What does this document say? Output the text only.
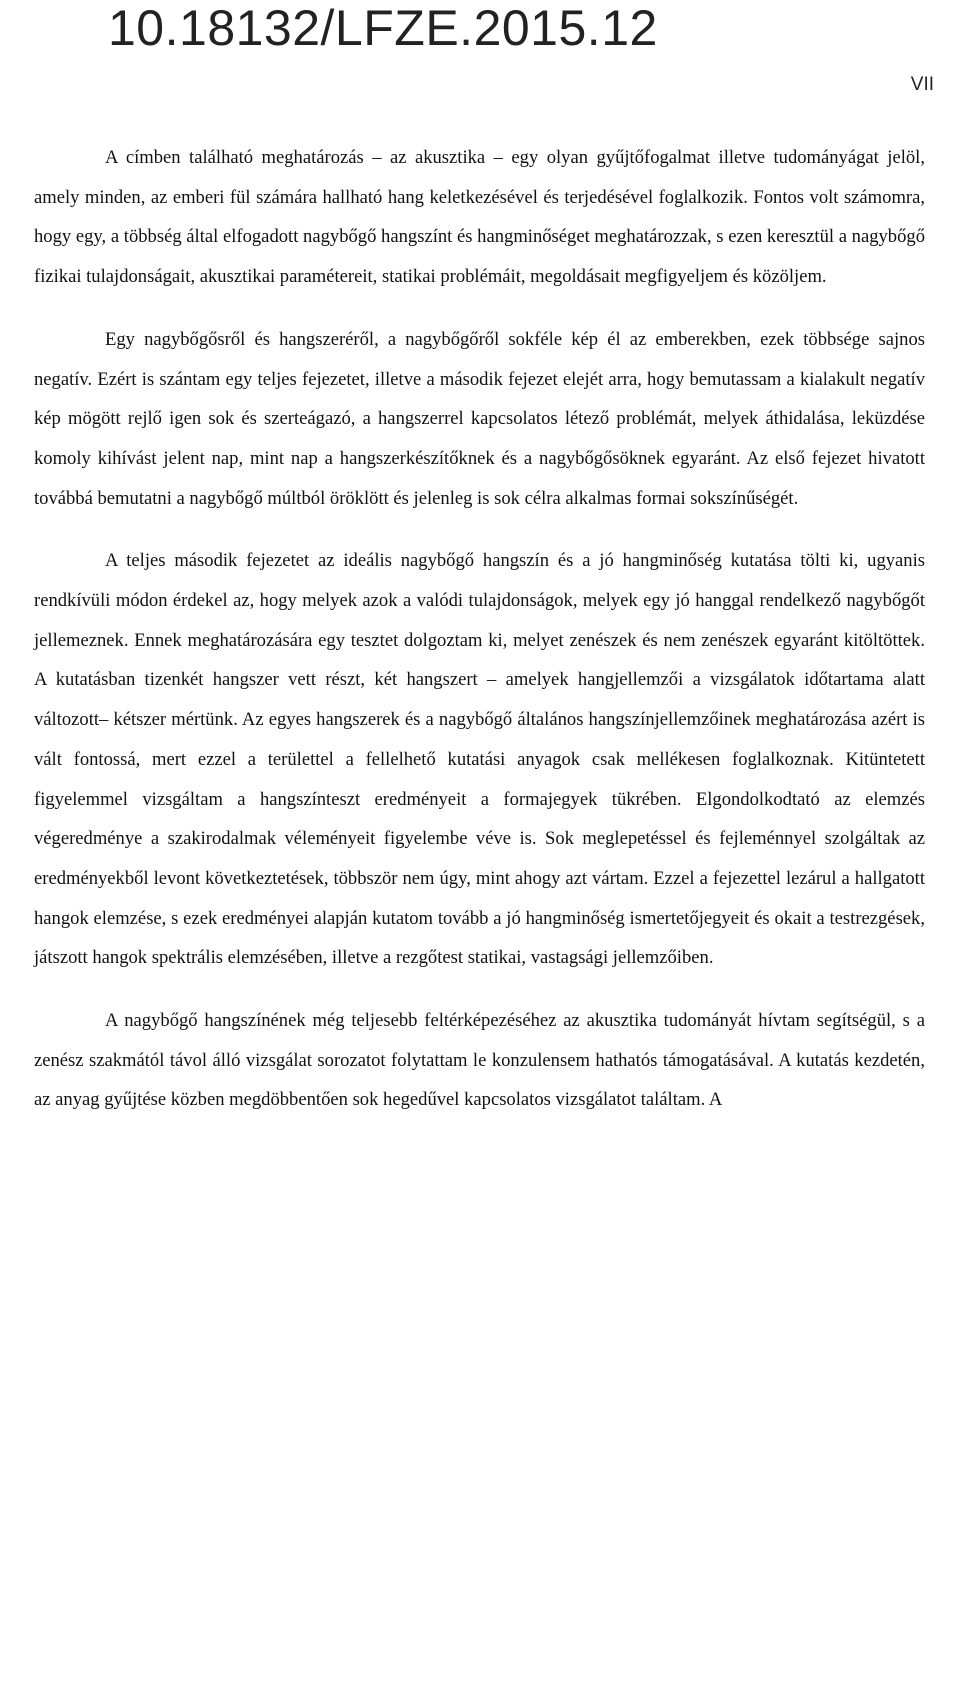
10.18132/LFZE.2015.12
VII

A címben található meghatározás – az akusztika – egy olyan gyűjtőfogalmat illetve tudományágat jelöl, amely minden, az emberi fül számára hallható hang keletkezésével és terjedésével foglalkozik. Fontos volt számomra, hogy egy, a többség által elfogadott nagybőgő hangszínt és hangminőséget meghatározzak, s ezen keresztül a nagybőgő fizikai tulajdonságait, akusztikai paramétereit, statikai problémáit, megoldásait megfigyeljem és közöljem.

Egy nagybőgősről és hangszeréről, a nagybőgőről sokféle kép él az emberekben, ezek többsége sajnos negatív. Ezért is szántam egy teljes fejezetet, illetve a második fejezet elejét arra, hogy bemutassam a kialakult negatív kép mögött rejlő igen sok és szerteágazó, a hangszerrel kapcsolatos létező problémát, melyek áthidalása, leküzdése komoly kihívást jelent nap, mint nap a hangszerkészítőknek és a nagybőgősöknek egyaránt. Az első fejezet hivatott továbbá bemutatni a nagybőgő múltból öröklött és jelenleg is sok célra alkalmas formai sokszínűségét.

A teljes második fejezetet az ideális nagybőgő hangszín és a jó hangminőség kutatása tölti ki, ugyanis rendkívüli módon érdekel az, hogy melyek azok a valódi tulajdonságok, melyek egy jó hanggal rendelkező nagybőgőt jellemeznek. Ennek meghatározására egy tesztet dolgoztam ki, melyet zenészek és nem zenészek egyaránt kitöltöttek. A kutatásban tizenkét hangszer vett részt, két hangszert – amelyek hangjellemzői a vizsgálatok időtartama alatt változott– kétszer mértünk. Az egyes hangszerek és a nagybőgő általános hangszínjellemzőinek meghatározása azért is vált fontossá, mert ezzel a területtel a fellelhető kutatási anyagok csak mellékesen foglalkoznak. Kitüntetett figyelemmel vizsgáltam a hangszínteszt eredményeit a formajegyek tükrében. Elgondolkodtató az elemzés végeredménye a szakirodalmak véleményeit figyelembe véve is. Sok meglepetéssel és fejleménnyel szolgáltak az eredményekből levont következtetések, többször nem úgy, mint ahogy azt vártam. Ezzel a fejezettel lezárul a hallgatott hangok elemzése, s ezek eredményei alapján kutatom tovább a jó hangminőség ismertetőjegyeit és okait a testrezgések, játszott hangok spektrális elemzésében, illetve a rezgőtest statikai, vastagsági jellemzőiben.

A nagybőgő hangszínének még teljesebb feltérképezéséhez az akusztika tudományát hívtam segítségül, s a zenész szakmától távol álló vizsgálat sorozatot folytattam le konzulensem hathatós támogatásával. A kutatás kezdetén, az anyag gyűjtése közben megdöbbentően sok hegedűvel kapcsolatos vizsgálatot találtam. A
